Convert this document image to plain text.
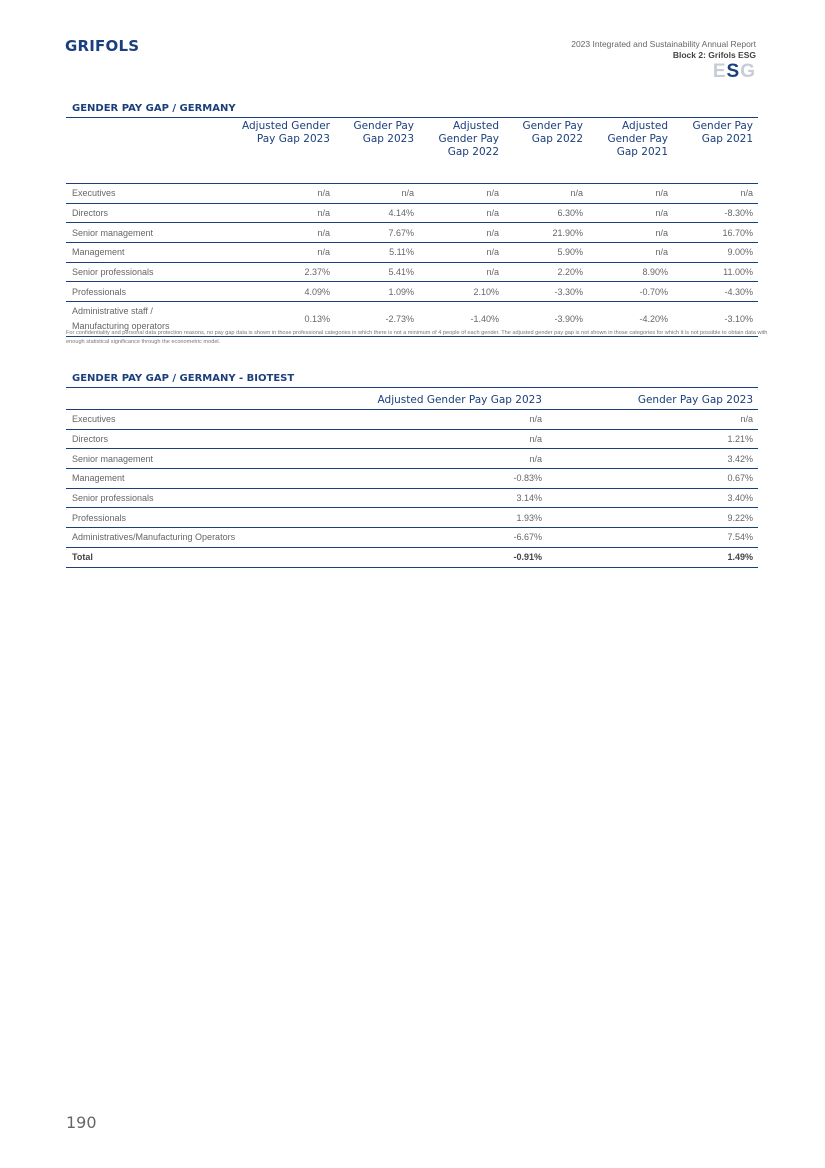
GRIFOLS	2023 Integrated and Sustainability Annual Report
Block 2: Grifols ESG
ESG
GENDER PAY GAP / GERMANY
	Adjusted Gender Pay Gap 2023	Gender Pay Gap 2023	Adjusted Gender Pay Gap 2022	Gender Pay Gap 2022	Adjusted Gender Pay Gap 2021	Gender Pay Gap 2021
Executives	n/a	n/a	n/a	n/a	n/a	n/a
Directors	n/a	4.14%	n/a	6.30%	n/a	-8.30%
Senior management	n/a	7.67%	n/a	21.90%	n/a	16.70%
Management	n/a	5.11%	n/a	5.90%	n/a	9.00%
Senior professionals	2.37%	5.41%	n/a	2.20%	8.90%	11.00%
Professionals	4.09%	1.09%	2.10%	-3.30%	-0.70%	-4.30%
Administrative staff /
Manufacturing operators	0.13%	-2.73%	-1.40%	-3.90%	-4.20%	-3.10%
For confidentiality and personal data protection reasons, no pay gap data is shown in those professional categories in which there is not a minimum of 4 people of each gender. The adjusted gender pay gap is not shown in those categories for which it is not possible to obtain data with enough statistical significance through the econometric model.
GENDER PAY GAP / GERMANY - BIOTEST
	Adjusted Gender Pay Gap 2023	Gender Pay Gap 2023
Executives	n/a	n/a
Directors	n/a	1.21%
Senior management	n/a	3.42%
Management	-0.83%	0.67%
Senior professionals	3.14%	3.40%
Professionals	1.93%	9.22%
Administratives/Manufacturing Operators	-6.67%	7.54%
Total	-0.91%	1.49%
190
